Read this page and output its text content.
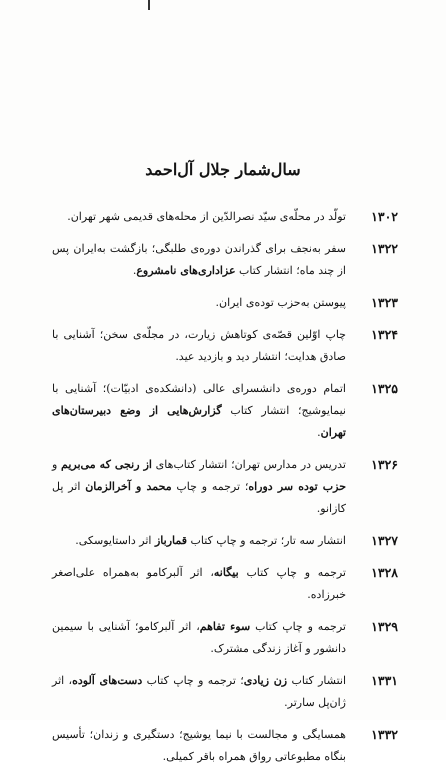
سال‌شمار جلال آل‌احمد
۱۳۰۲
تولّد در محلّه‌ی سیّد نصرالدّین از محله‌های قدیمی شهر تهران.
۱۳۲۲
سفر به‌نجف برای گذراندن دوره‌ی طلبگی؛ بازگشت به‌ایران پس از چند ماه؛ انتشار کتاب عزاداری‌های نامشروع.
۱۳۲۳
پیوستن به‌حزب توده‌ی ایران.
۱۳۲۴
چاپ اوّلین قصّه‌ی کوتاهش زیارت، در مجلّه‌ی سخن؛ آشنایی با صادق هدایت؛ انتشار دید و بازدید عید.
۱۳۲۵
اتمام دوره‌ی دانشسرای عالی (دانشکده‌ی ادبیّات)؛ آشنایی با نیمایوشیج؛ انتشار کتاب گزارش‌هایی از وضع دبیرستان‌های تهران.
۱۳۲۶
تدریس در مدارس تهران؛ انتشار کتاب‌های از رنجی که می‌بریم و حزب توده سر دوراه؛ ترجمه و چاپ محمد و آخرالزمان اثر پل کازانو.
۱۳۲۷
انتشار سه تار؛ ترجمه و چاپ کتاب قمارباز اثر داستایوسکی.
۱۳۲۸
ترجمه و چاپ کتاب بیگانه، اثر آلبرکامو به‌همراه علی‌اصغر خبرزاده.
۱۳۲۹
ترجمه و چاپ کتاب سوء تفاهم، اثر آلبرکامو؛ آشنایی با سیمین دانشور و آغاز زندگی مشترک.
۱۳۳۱
انتشار کتاب زن زیادی؛ ترجمه و چاپ کتاب دست‌های آلوده، اثر ژان‌پل سارتر.
۱۳۳۲
همسایگی و مجالست با نیما یوشیج؛ دستگیری و زندان؛ تأسیس بنگاه مطبوعاتی رواق همراه باقر کمیلی.
